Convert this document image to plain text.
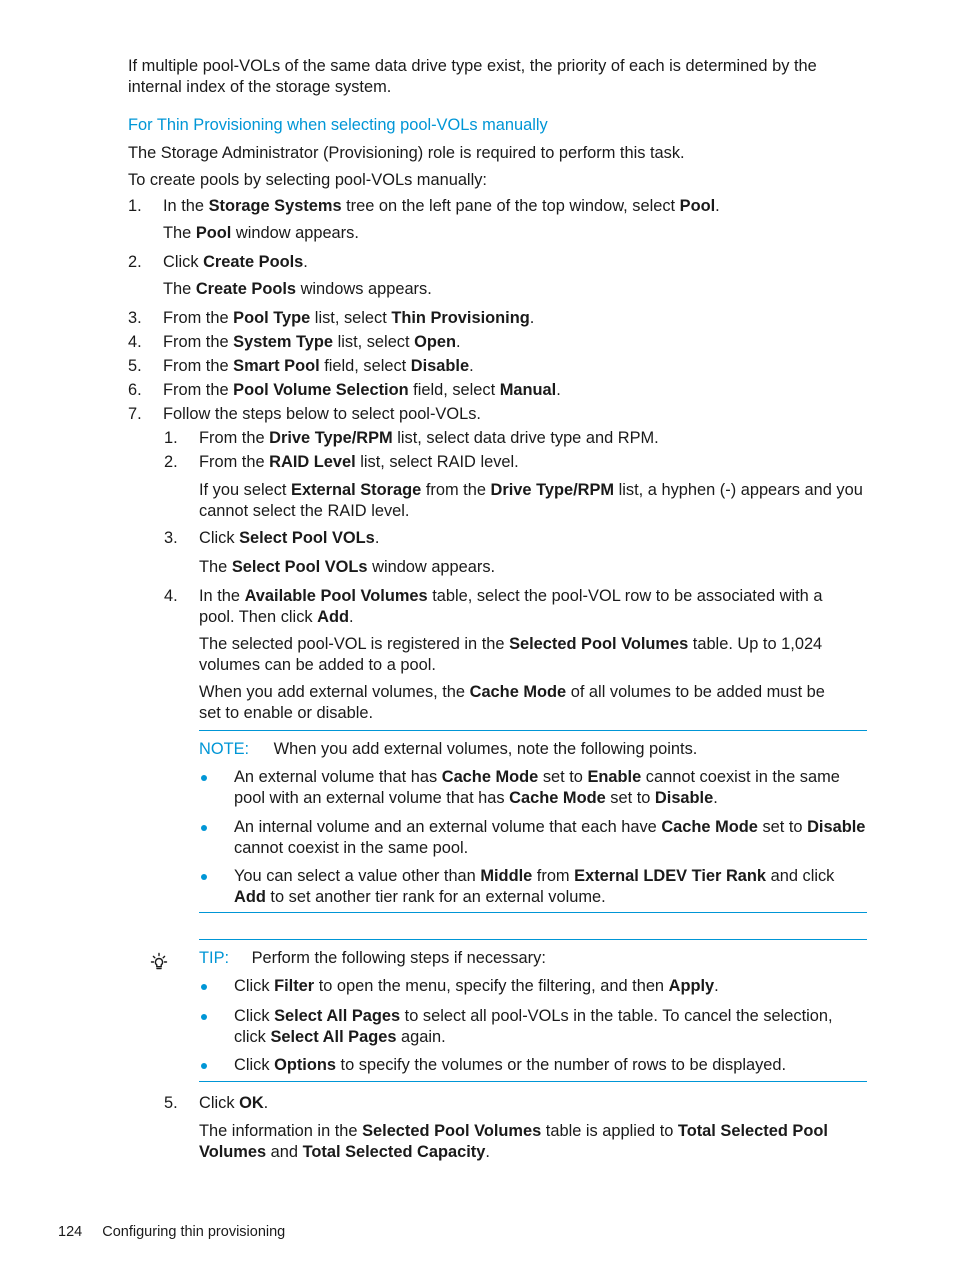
If multiple pool-VOLs of the same data drive type exist, the priority of each is determined by the
internal index of the storage system.
For Thin Provisioning when selecting pool-VOLs manually
The Storage Administrator (Provisioning) role is required to perform this task.
To create pools by selecting pool-VOLs manually:
1. In the Storage Systems tree on the left pane of the top window, select Pool.
The Pool window appears.
2. Click Create Pools.
The Create Pools windows appears.
3. From the Pool Type list, select Thin Provisioning.
4. From the System Type list, select Open.
5. From the Smart Pool field, select Disable.
6. From the Pool Volume Selection field, select Manual.
7. Follow the steps below to select pool-VOLs.
1. From the Drive Type/RPM list, select data drive type and RPM.
2. From the RAID Level list, select RAID level.
If you select External Storage from the Drive Type/RPM list, a hyphen (-) appears and you
cannot select the RAID level.
3. Click Select Pool VOLs.
The Select Pool VOLs window appears.
4. In the Available Pool Volumes table, select the pool-VOL row to be associated with a
pool. Then click Add.
The selected pool-VOL is registered in the Selected Pool Volumes table. Up to 1,024
volumes can be added to a pool.
When you add external volumes, the Cache Mode of all volumes to be added must be
set to enable or disable.
NOTE: When you add external volumes, note the following points.
An external volume that has Cache Mode set to Enable cannot coexist in the same
pool with an external volume that has Cache Mode set to Disable.
An internal volume and an external volume that each have Cache Mode set to Disable
cannot coexist in the same pool.
You can select a value other than Middle from External LDEV Tier Rank and click
Add to set another tier rank for an external volume.
TIP: Perform the following steps if necessary:
Click Filter to open the menu, specify the filtering, and then Apply.
Click Select All Pages to select all pool-VOLs in the table. To cancel the selection,
click Select All Pages again.
Click Options to specify the volumes or the number of rows to be displayed.
5. Click OK.
The information in the Selected Pool Volumes table is applied to Total Selected Pool
Volumes and Total Selected Capacity.
124 Configuring thin provisioning
